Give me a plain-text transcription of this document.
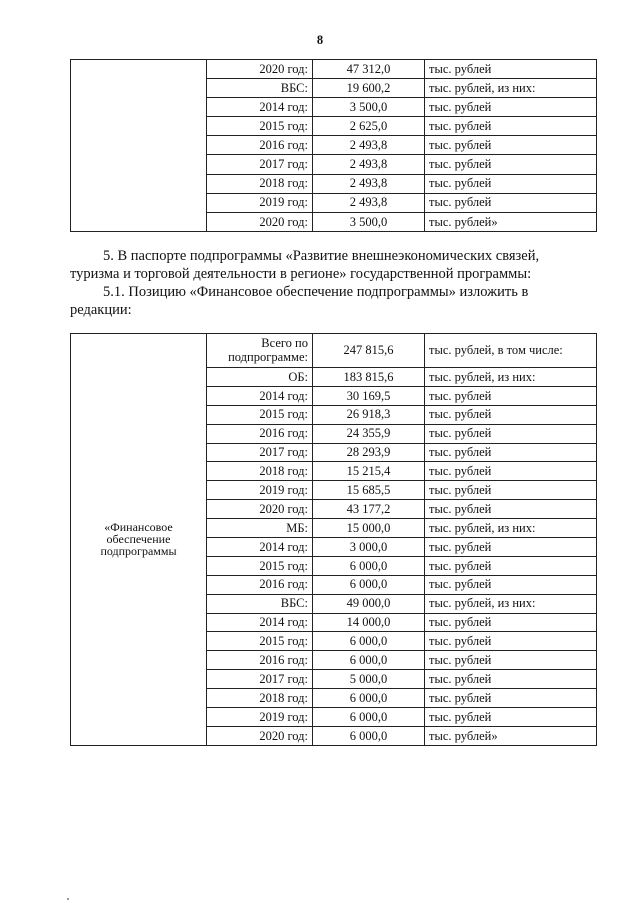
8
	2020 год:	47 312,0	тыс. рублей
	ВБС:	19 600,2	тыс. рублей, из них:
	2014 год:	3 500,0	тыс. рублей
	2015 год:	2 625,0	тыс. рублей
	2016 год:	2 493,8	тыс. рублей
	2017 год:	2 493,8	тыс. рублей
	2018 год:	2 493,8	тыс. рублей
	2019 год:	2 493,8	тыс. рублей
	2020 год:	3 500,0	тыс. рублей»
5. В паспорте подпрограммы «Развитие внешнеэкономических связей,
туризма и торговой деятельности в регионе» государственной программы:
5.1. Позицию «Финансовое обеспечение подпрограммы» изложить в
редакции:
«Финансовое
обеспечение
подпрограммы	Всего по подпрограмме:	247 815,6	тыс. рублей, в том числе:
	ОБ:	183 815,6	тыс. рублей, из них:
	2014 год:	30 169,5	тыс. рублей
	2015 год:	26 918,3	тыс. рублей
	2016 год:	24 355,9	тыс. рублей
	2017 год:	28 293,9	тыс. рублей
	2018 год:	15 215,4	тыс. рублей
	2019 год:	15 685,5	тыс. рублей
	2020 год:	43 177,2	тыс. рублей
	МБ:	15 000,0	тыс. рублей, из них:
	2014 год:	3 000,0	тыс. рублей
	2015 год:	6 000,0	тыс. рублей
	2016 год:	6 000,0	тыс. рублей
	ВБС:	49 000,0	тыс. рублей, из них:
	2014 год:	14 000,0	тыс. рублей
	2015 год:	6 000,0	тыс. рублей
	2016 год:	6 000,0	тыс. рублей
	2017 год:	5 000,0	тыс. рублей
	2018 год:	6 000,0	тыс. рублей
	2019 год:	6 000,0	тыс. рублей
	2020 год:	6 000,0	тыс. рублей»
